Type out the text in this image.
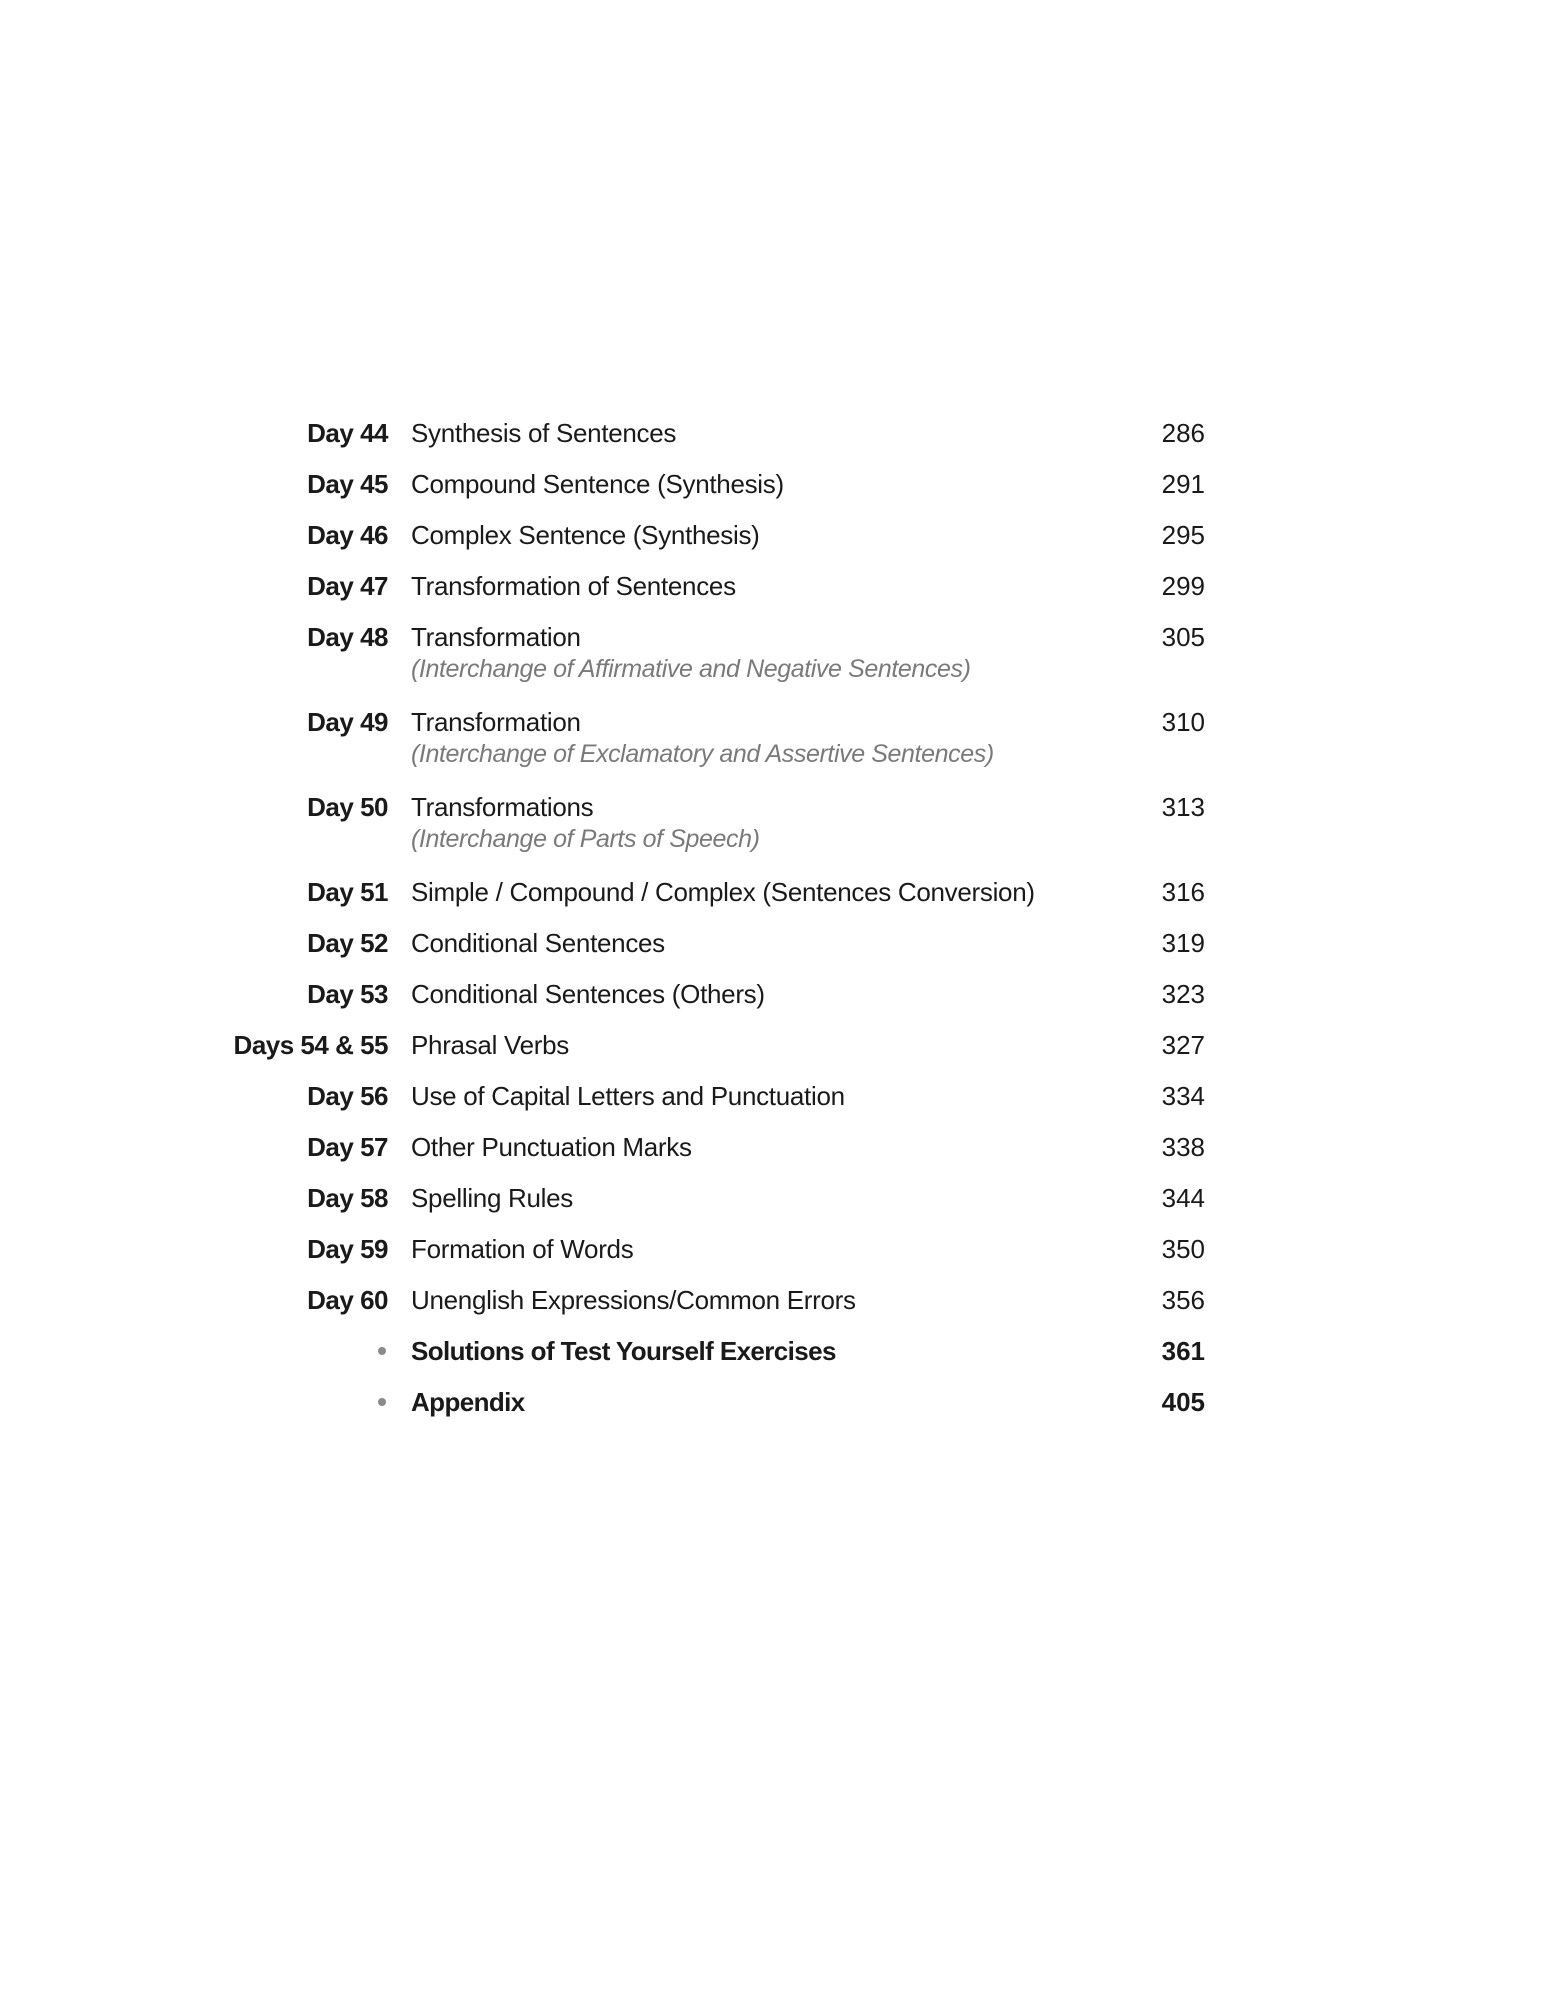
Day 44 Synthesis of Sentences	286
Day 45 Compound Sentence (Synthesis)	291
Day 46 Complex Sentence (Synthesis)	295
Day 47 Transformation of Sentences	299
Day 48 Transformation
(Interchange of Affirmative and Negative Sentences)
305
Day 49 Transformation
(Interchange of Exclamatory and Assertive Sentences)
310
Day 50 Transformations
(Interchange of Parts of Speech)
313
Day 51 Simple / Compound / Complex (Sentences Conversion)	316
Day 52 Conditional Sentences	319
Day 53 Conditional Sentences (Others)	323
Days 54 & 55 Phrasal Verbs	327
Day 56 Use of Capital Letters and Punctuation	334
Day 57 Other Punctuation Marks	338
Day 58 Spelling Rules	344
Day 59 Formation of Words	350
Day 60 Unenglish Expressions/Common Errors	356
Solutions of Test Yourself Exercises	361
Appendix	405
